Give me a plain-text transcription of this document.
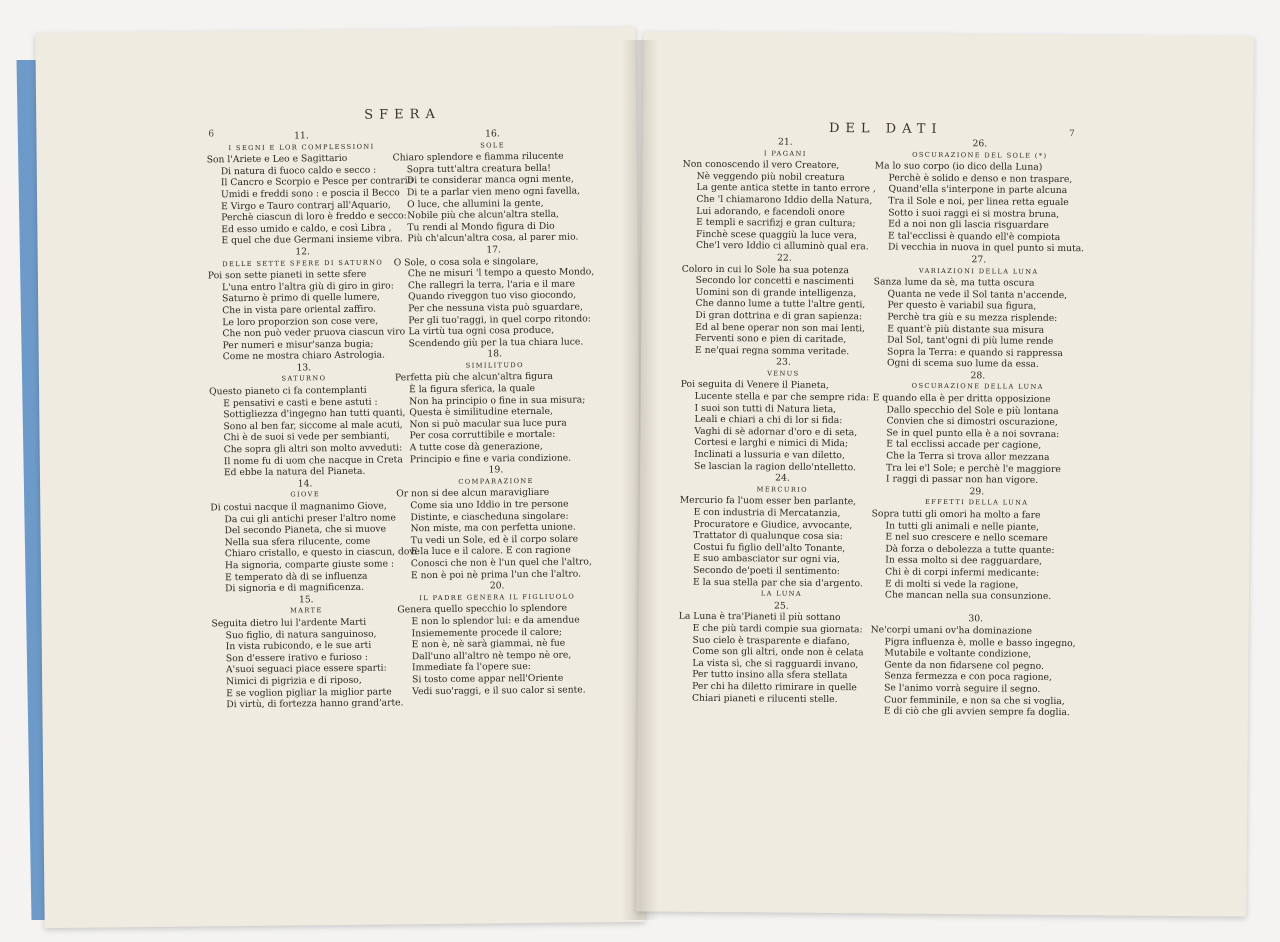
SFERA
6	11.
I SEGNI E LOR COMPLESSIONI
Son l'Ariete e Leo e Sagittario
Di natura di fuoco caldo e secco :
Il Cancro e Scorpio e Pesce per contrario
Umidi e freddi sono : e poscia il Becco
E Virgo e Tauro contrarj all'Aquario,
Perchè ciascun di loro è freddo e secco:
Ed esso umido e caldo, e così Libra ,
E quel che due Germani insieme vibra.
12.
DELLE SETTE SFERE DI SATURNO
Poi son sette pianeti in sette sfere
L'una entro l'altra giù di giro in giro:
Saturno è primo di quelle lumere,
Che in vista pare oriental zaffiro.
Le loro proporzion son cose vere,
Che non può veder pruova ciascun viro
Per numeri e misur'sanza bugia;
Come ne mostra chiaro Astrologia.
13.
SATURNO
Questo pianeto ci fa contemplanti
E pensativi e casti e bene astuti :
Sottigliezza d'ingegno han tutti quanti,
Sono al ben far, siccome al male acuti,
Chi è de suoi si vede per sembianti,
Che sopra gli altri son molto avveduti:
Il nome fu di uom che nacque in Creta
Ed ebbe la natura del Pianeta.
14.
GIOVE
Di costui nacque il magnanimo Giove,
Da cui gli antichi preser l'altro nome
Del secondo Pianeta, che si muove
Nella sua sfera rilucente, come
Chiaro cristallo, e questo in ciascun, dove
Ha signoria, comparte giuste some :
E temperato dà di se influenza
Di signoria e di magnificenza.
15.
MARTE
Seguita dietro lui l'ardente Marti
Suo figlio, di natura sanguinoso,
In vista rubicondo, e le sue arti
Son d'essere irativo e furioso :
A'suoi seguaci piace essere sparti:
Nimici di pigrizia e di riposo,
E se voglion pigliar la miglior parte
Di virtù, di fortezza hanno grand'arte.
16.
SOLE
Chiaro splendore e fiamma rilucente
Sopra tutt'altra creatura bella!
Di te considerar manca ogni mente,
Di te a parlar vien meno ogni favella,
O luce, che allumini la gente,
Nobile più che alcun'altra stella,
Tu rendi al Mondo figura di Dio
Più ch'alcun'altra cosa, al parer mio.
17.
O Sole, o cosa sola e singolare,
Che ne misuri 'l tempo a questo Mondo,
Che rallegri la terra, l'aria e il mare
Quando riveggon tuo viso giocondo,
Per che nessuna vista può sguardare,
Per gli tuo'raggi, in quel corpo ritondo:
La virtù tua ogni cosa produce,
Scendendo giù per la tua chiara luce.
18.
SIMILITUDO
Perfetta più che alcun'altra figura
È la figura sferica, la quale
Non ha principio o fine in sua misura;
Questa è similitudine eternale,
Non si può macular sua luce pura
Per cosa corruttibile e mortale:
A tutte cose dà generazione,
Principio e fine e varia condizione.
19.
COMPARAZIONE
Or non si dee alcun maravigliare
Come sia uno Iddio in tre persone
Distinte, e ciascheduna singolare:
Non miste, ma con perfetta unione.
Tu vedi un Sole, ed è il corpo solare
E la luce e il calore. E con ragione
Conosci che non è l'un quel che l'altro,
E non è poi nè prima l'un che l'altro.
20.
IL PADRE GENERA IL FIGLIUOLO
Genera quello specchio lo splendore
E non lo splendor lui: e da amendue
Insiememente procede il calore;
E non è, nè sarà giammai, nè fue
Dall'uno all'altro nè tempo nè ore,
Immediate fa l'opere sue:
Si tosto come appar nell'Oriente
Vedi suo'raggi, e il suo calor si sente.
DEL DATI	7
21.
I PAGANI
Non conoscendo il vero Creatore,
Nè veggendo più nobil creatura
La gente antica stette in tanto errore ,
Che 'l chiamarono Iddio della Natura,
Lui adorando, e facendoli onore
E templi e sacrifizj e gran cultura;
Finchè scese quaggiù la luce vera,
Che'l vero Iddio ci alluminò qual era.
22.
Coloro in cui lo Sole ha sua potenza
Secondo lor concetti e nascimenti
Uomini son di grande intelligenza,
Che danno lume a tutte l'altre genti,
Di gran dottrina e di gran sapienza:
Ed al bene operar non son mai lenti,
Ferventi sono e pien di caritade,
E ne'quai regna somma veritade.
23.
VENUS
Poi seguita di Venere il Pianeta,
Lucente stella e par che sempre rida:
I suoi son tutti di Natura lieta,
Leali e chiari a chi di lor si fida:
Vaghi di sè adornar d'oro e di seta,
Cortesi e larghi e nimici di Mida;
Inclinati a lussuria e van diletto,
Se lascian la ragion dello'ntelletto.
24.
MERCURIO
Mercurio fa l'uom esser ben parlante,
E con industria di Mercatanzia,
Procuratore e Giudice, avvocante,
Trattator di qualunque cosa sia:
Costui fu figlio dell'alto Tonante,
E suo ambasciator sur ogni via,
Secondo de'poeti il sentimento:
E la sua stella par che sia d'argento.
LA LUNA
25.
La Luna è tra'Pianeti il più sottano
E che più tardi compie sua giornata:
Suo cielo è trasparente e diafano,
Come son gli altri, onde non è celata
La vista sì, che si ragguardi invano,
Per tutto insino alla sfera stellata
Per chi ha diletto rimirare in quelle
Chiari pianeti e rilucenti stelle.
26.
OSCURAZIONE DEL SOLE (*)
Ma lo suo corpo (io dico della Luna)
Perchè è solido e denso e non traspare,
Quand'ella s'interpone in parte alcuna
Tra il Sole e noi, per linea retta eguale
Sotto i suoi raggi ei si mostra bruna,
Ed a noi non gli lascia risguardare
E tal'ecclissi è quando ell'è compiota
Di vecchia in nuova in quel punto si muta.
27.
VARIAZIONI DELLA LUNA
Sanza lume da sè, ma tutta oscura
Quanta ne vede il Sol tanta n'accende,
Per questo è variabil sua figura,
Perchè tra giù e su mezza risplende:
E quant'è più distante sua misura
Dal Sol, tant'ogni di più lume rende
Sopra la Terra: e quando si rappressa
Ogni di scema suo lume da essa.
28.
OSCURAZIONE DELLA LUNA
E quando ella è per dritta opposizione
Dallo specchio del Sole e più lontana
Convien che si dimostri oscurazione,
Se in quel punto ella è a noi sovrana:
E tal ecclissi accade per cagione,
Che la Terra si trova allor mezzana
Tra lei e'l Sole; e perchè l'e maggiore
I raggi di passar non han vigore.
29.
EFFETTI DELLA LUNA
Sopra tutti gli omori ha molto a fare
In tutti gli animali e nelle piante,
E nel suo crescere e nello scemare
Dà forza o debolezza a tutte quante:
In essa molto si dee ragguardare,
Chi è di corpi infermi medicante:
E di molti si vede la ragione,
Che mancan nella sua consunzione.

30.
Ne'corpi umani ov'ha dominazione
Pigra influenza è, molle e basso ingegno,
Mutabile e voltante condizione,
Gente da non fidarsene col pegno.
Senza fermezza e con poca ragione,
Se l'animo vorrà seguire il segno.
Cuor femminile, e non sa che si voglia,
E di ciò che gli avvien sempre fa doglia.
